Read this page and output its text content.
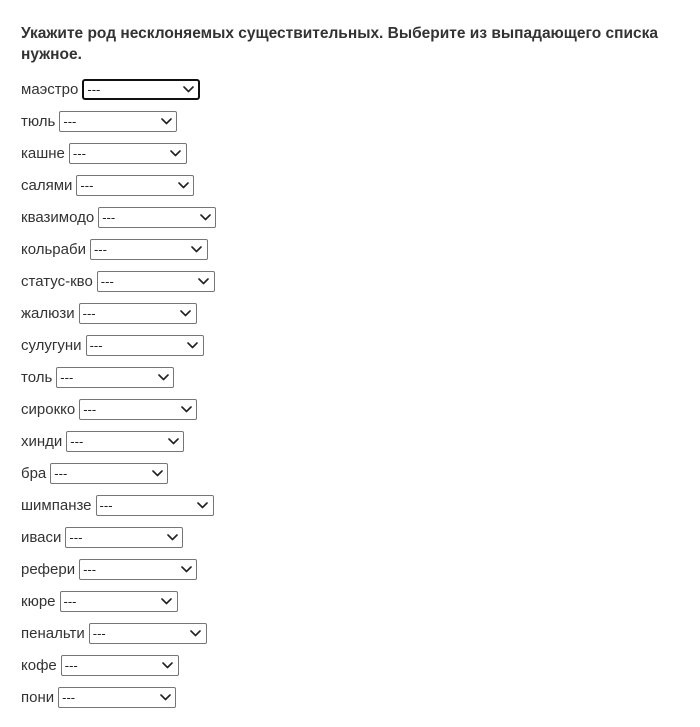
Укажите род несклоняемых существительных. Выберите из выпадающего списка нужное.
маэстро ---
тюль ---
кашне ---
салями ---
квазимодо ---
кольраби ---
статус-кво ---
жалюзи ---
сулугуни ---
толь ---
сирокко ---
хинди ---
бра ---
шимпанзе ---
иваси ---
рефери ---
кюре ---
пенальти ---
кофе ---
пони ---
